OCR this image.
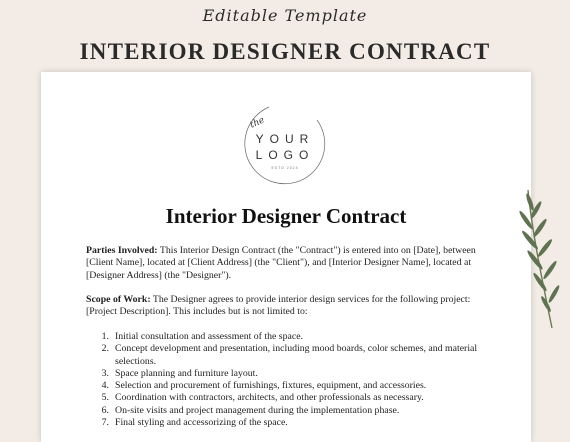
Editable Template
INTERIOR DESIGNER CONTRACT
the
YOUR
LOGO
ESTD 2024
Interior Designer Contract
Parties Involved: This Interior Design Contract (the "Contract") is entered into on [Date], between [Client Name], located at [Client Address] (the "Client"), and [Interior Designer Name], located at [Designer Address] (the "Designer").
Scope of Work: The Designer agrees to provide interior design services for the following project: [Project Description]. This includes but is not limited to:
1. Initial consultation and assessment of the space.
2. Concept development and presentation, including mood boards, color schemes, and material selections.
3. Space planning and furniture layout.
4. Selection and procurement of furnishings, fixtures, equipment, and accessories.
5. Coordination with contractors, architects, and other professionals as necessary.
6. On-site visits and project management during the implementation phase.
7. Final styling and accessorizing of the space.
